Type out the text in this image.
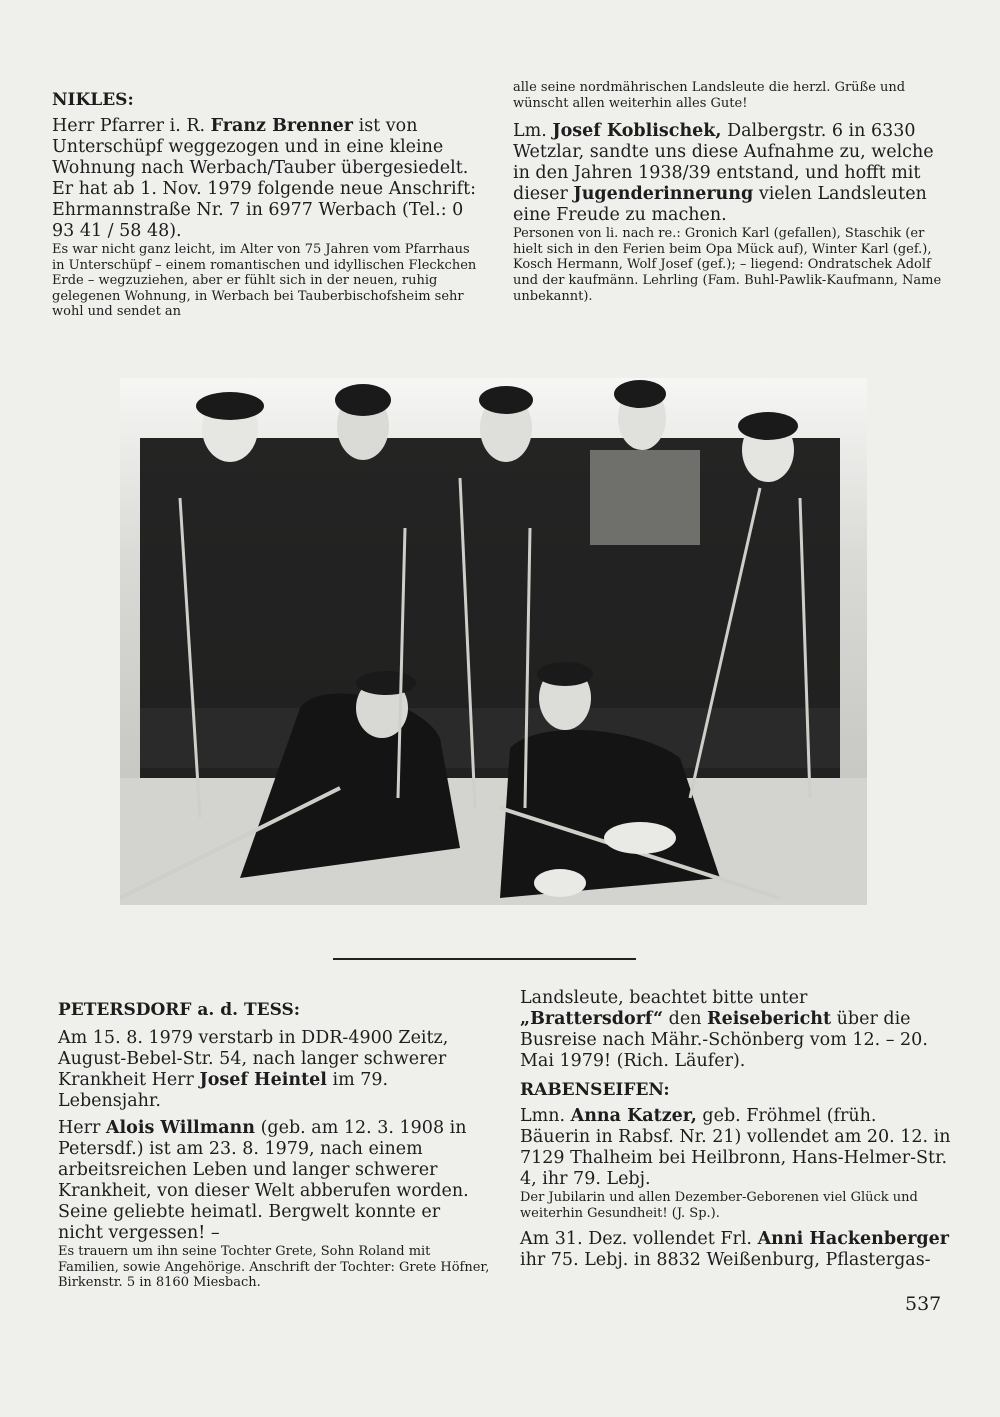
NIKLES:

Herr Pfarrer i. R. Franz Brenner ist von Unterschüpf weggezogen und in eine kleine Wohnung nach Werbach/Tauber übergesiedelt. Er hat ab 1. Nov. 1979 folgende neue Anschrift: Ehrmannstraße Nr. 7 in 6977 Werbach (Tel.: 0 93 41 / 58 48).

Es war nicht ganz leicht, im Alter von 75 Jahren vom Pfarrhaus in Unterschüpf – einem romantischen und idyllischen Fleckchen Erde – wegzuziehen, aber er fühlt sich in der neuen, ruhig gelegenen Wohnung, in Werbach bei Tauberbischofsheim sehr wohl und sendet an

alle seine nordmährischen Landsleute die herzl. Grüße und wünscht allen weiterhin alles Gute!

Lm. Josef Koblischek, Dalbergstr. 6 in 6330 Wetzlar, sandte uns diese Aufnahme zu, welche in den Jahren 1938/39 entstand, und hofft mit dieser Jugenderinnerung vielen Landsleuten eine Freude zu machen.

Personen von li. nach re.: Gronich Karl (gefallen), Staschik (er hielt sich in den Ferien beim Opa Mück auf), Winter Karl (gef.), Kosch Hermann, Wolf Josef (gef.); – liegend: Ondratschek Adolf und der kaufmänn. Lehrling (Fam. Buhl-Pawlik-Kaufmann, Name unbekannt).

PETERSDORF a. d. TESS:

Am 15. 8. 1979 verstarb in DDR-4900 Zeitz, August-Bebel-Str. 54, nach langer schwerer Krankheit Herr Josef Heintel im 79. Lebensjahr.

Herr Alois Willmann (geb. am 12. 3. 1908 in Petersdf.) ist am 23. 8. 1979, nach einem arbeitsreichen Leben und langer schwerer Krankheit, von dieser Welt abberufen worden. Seine geliebte heimatl. Bergwelt konnte er nicht vergessen! –

Es trauern um ihn seine Tochter Grete, Sohn Roland mit Familien, sowie Angehörige. Anschrift der Tochter: Grete Höfner, Birkenstr. 5 in 8160 Miesbach.

Landsleute, beachtet bitte unter „Brattersdorf“ den Reisebericht über die Busreise nach Mähr.-Schönberg vom 12. – 20. Mai 1979! (Rich. Läufer).

RABENSEIFEN:

Lmn. Anna Katzer, geb. Fröhmel (früh. Bäuerin in Rabsf. Nr. 21) vollendet am 20. 12. in 7129 Thalheim bei Heilbronn, Hans-Helmer-Str. 4, ihr 79. Lebj.

Der Jubilarin und allen Dezember-Geborenen viel Glück und weiterhin Gesundheit! (J. Sp.).

Am 31. Dez. vollendet Frl. Anni Hackenberger ihr 75. Lebj. in 8832 Weißenburg, Pflastergas-

537
